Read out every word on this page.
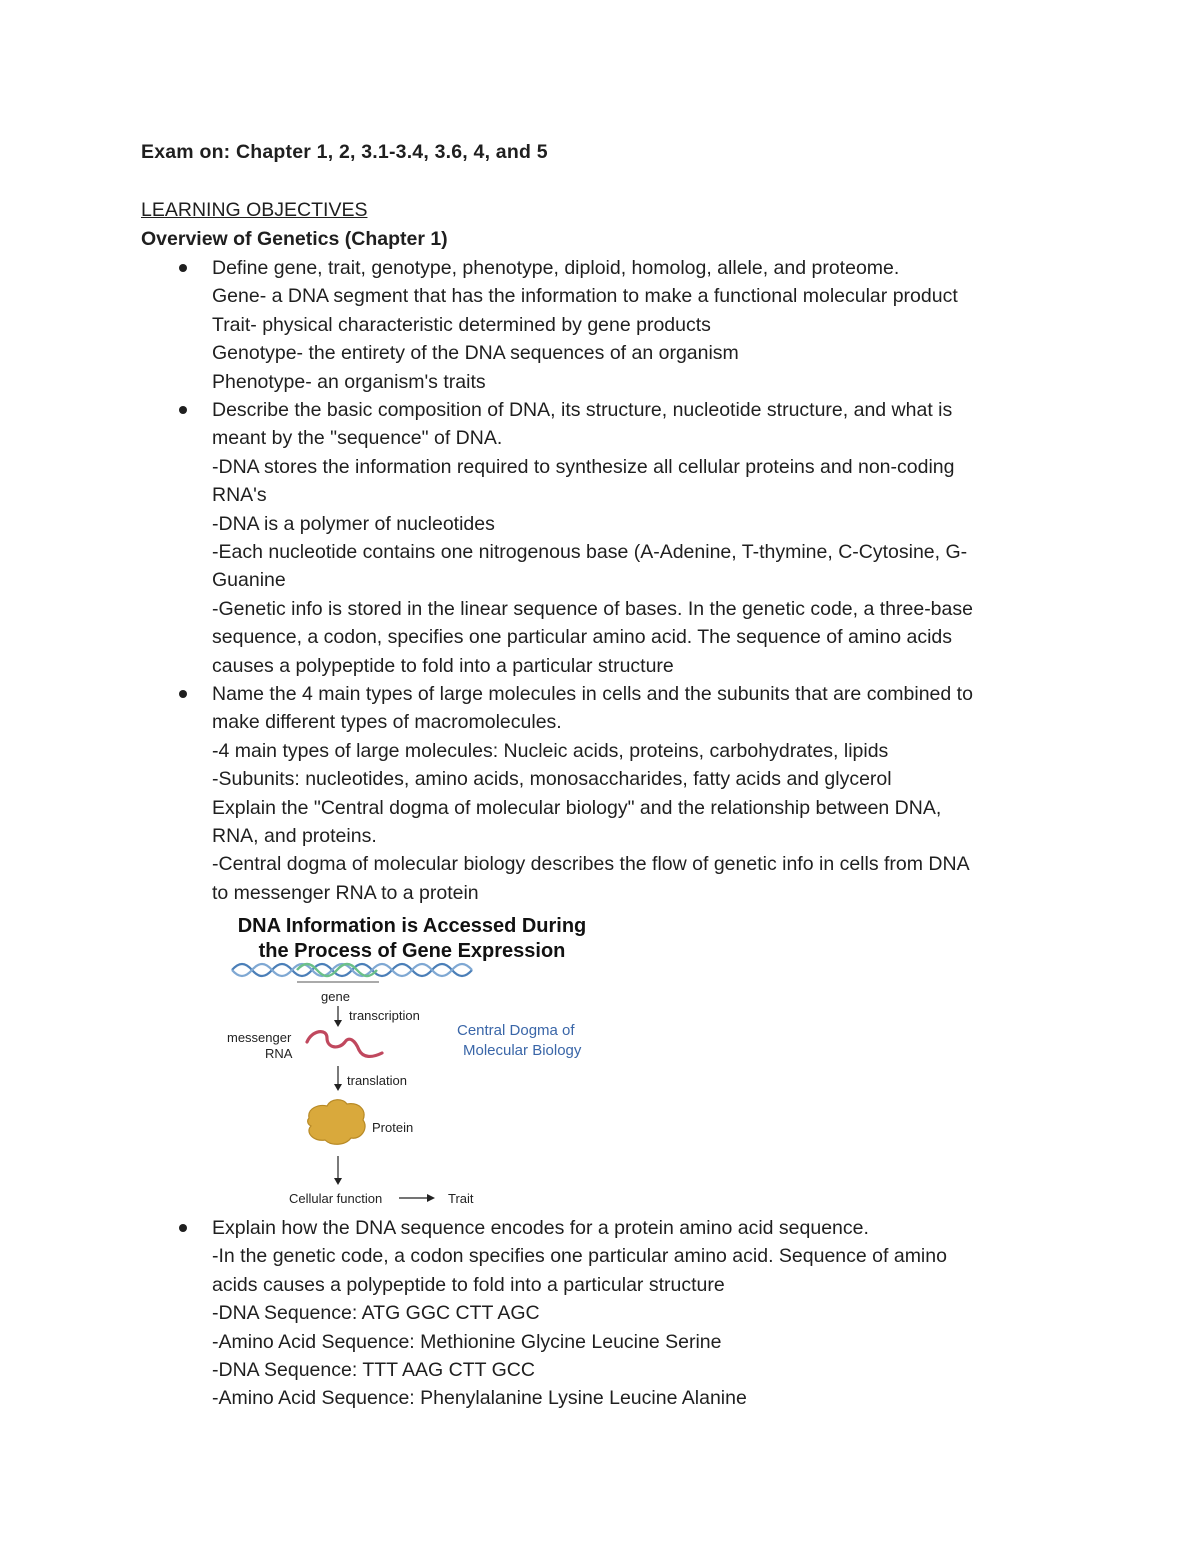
Exam on: Chapter 1, 2, 3.1-3.4, 3.6, 4, and 5
LEARNING OBJECTIVES
Overview of Genetics (Chapter 1)
Define gene, trait, genotype, phenotype, diploid, homolog, allele, and proteome.
Gene- a DNA segment that has the information to make a functional molecular product
Trait- physical characteristic determined by gene products
Genotype- the entirety of the DNA sequences of an organism
Phenotype- an organism's traits
Describe the basic composition of DNA, its structure, nucleotide structure, and what is
meant by the "sequence" of DNA.
-DNA stores the information required to synthesize all cellular proteins and non-coding
RNA's
-DNA is a polymer of nucleotides
-Each nucleotide contains one nitrogenous base (A-Adenine, T-thymine, C-Cytosine, G-
Guanine
-Genetic info is stored in the linear sequence of bases. In the genetic code, a three-base
sequence, a codon, specifies one particular amino acid. The sequence of amino acids
causes a polypeptide to fold into a particular structure
Name the 4 main types of large molecules in cells and the subunits that are combined to
make different types of macromolecules.
-4 main types of large molecules: Nucleic acids, proteins, carbohydrates, lipids
-Subunits: nucleotides, amino acids, monosaccharides, fatty acids and glycerol
Explain the "Central dogma of molecular biology" and the relationship between DNA,
RNA, and proteins.
-Central dogma of molecular biology describes the flow of genetic info in cells from DNA
to messenger RNA to a protein
Explain how the DNA sequence encodes for a protein amino acid sequence.
-In the genetic code, a codon specifies one particular amino acid. Sequence of amino
acids causes a polypeptide to fold into a particular structure
-DNA Sequence: ATG GGC CTT AGC
-Amino Acid Sequence: Methionine Glycine Leucine Serine
-DNA Sequence: TTT AAG CTT GCC
-Amino Acid Sequence: Phenylalanine Lysine Leucine Alanine
DNA Information is Accessed During
the Process of Gene Expression
gene
transcription
messenger
RNA
translation
Protein
Cellular function	Trait
Central Dogma of
Molecular Biology
